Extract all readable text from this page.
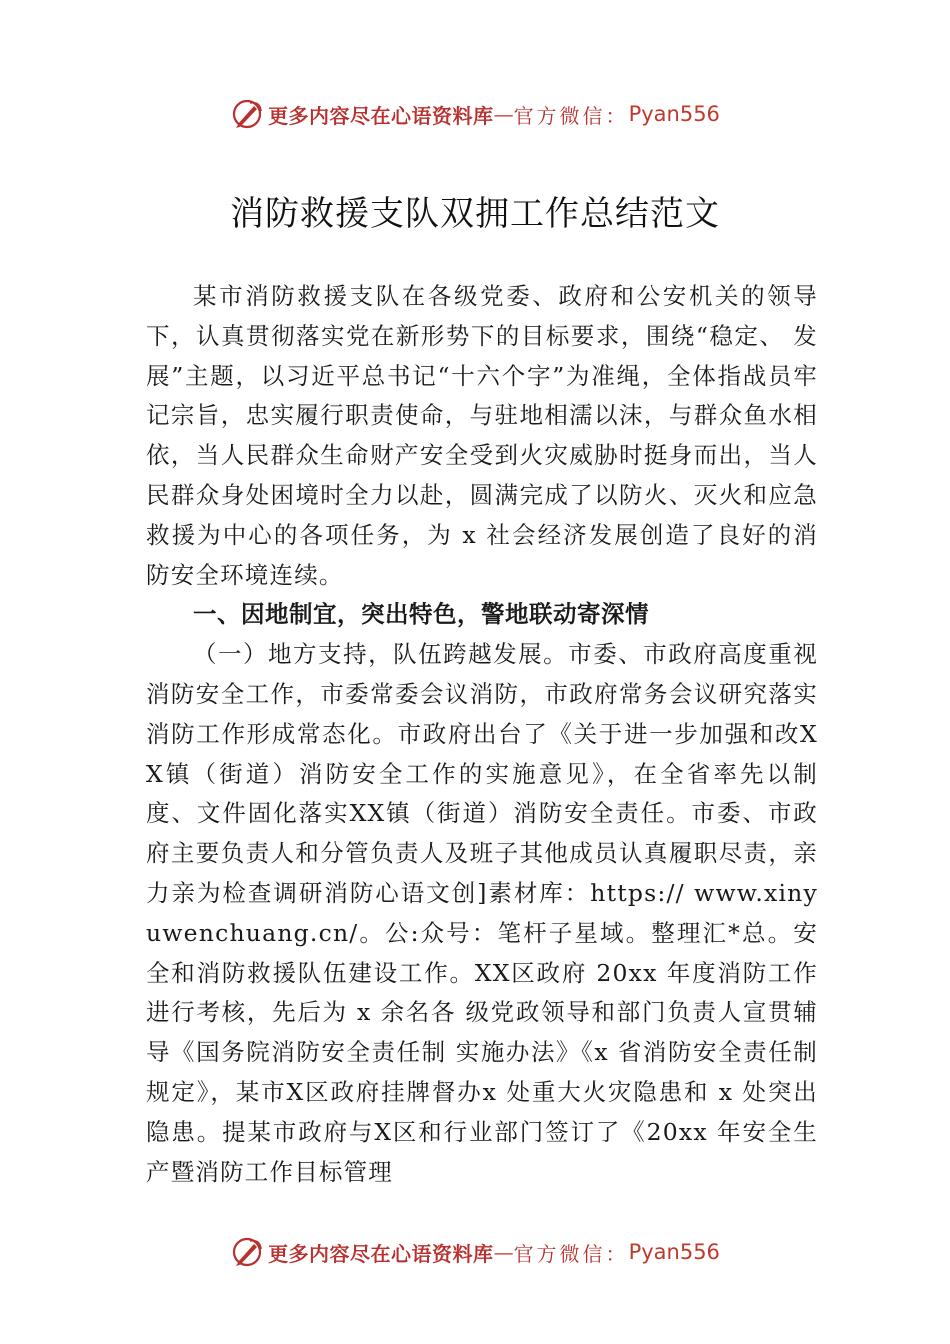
更多内容尽在心语资料库 — 官方微信： Pyan556
消防救援支队双拥工作总结范文

某市消防救援支队在各级党委、政府和公安机关的领导下，认真贯彻落实党在新形势下的目标要求，围绕“稳定、 发展”主题，以习近平总书记“十六个字”为准绳，全体指战员牢记宗旨，忠实履行职责使命，与驻地相濡以沫，与群众鱼水相依，当人民群众生命财产安全受到火灾威胁时挺身而出，当人民群众身处困境时全力以赴，圆满完成了以防火、灭火和应急救援为中心的各项任务，为 x 社会经济发展创造了良好的消防安全环境连续。

一、因地制宜，突出特色，警地联动寄深情

（一）地方支持，队伍跨越发展。市委、市政府高度重视消防安全工作，市委常委会议消防，市政府常务会议研究落实消防工作形成常态化。市政府出台了《关于进一步加强和改XX镇（街道）消防安全工作的实施意见》，在全省率先以制度、文件固化落实XX镇（街道）消防安全责任。市委、市政府主要负责人和分管负责人及班子其他成员认真履职尽责，亲力亲为检查调研消防心语文创]素材库：https:// www.xinyuwenchuang.cn/。公:众号：笔杆子星域。整理汇*总。安全和消防救援队伍建设工作。XX区政府 20xx 年度消防工作进行考核，先后为 x 余名各 级党政领导和部门负责人宣贯辅导《国务院消防安全责任制 实施办法》《x 省消防安全责任制规定》，某市X区政府挂牌督办x 处重大火灾隐患和 x 处突出隐患。提某市政府与X区和行业部门签订了《20xx 年安全生产暨消防工作目标管理

更多内容尽在心语资料库 — 官方微信： Pyan556
